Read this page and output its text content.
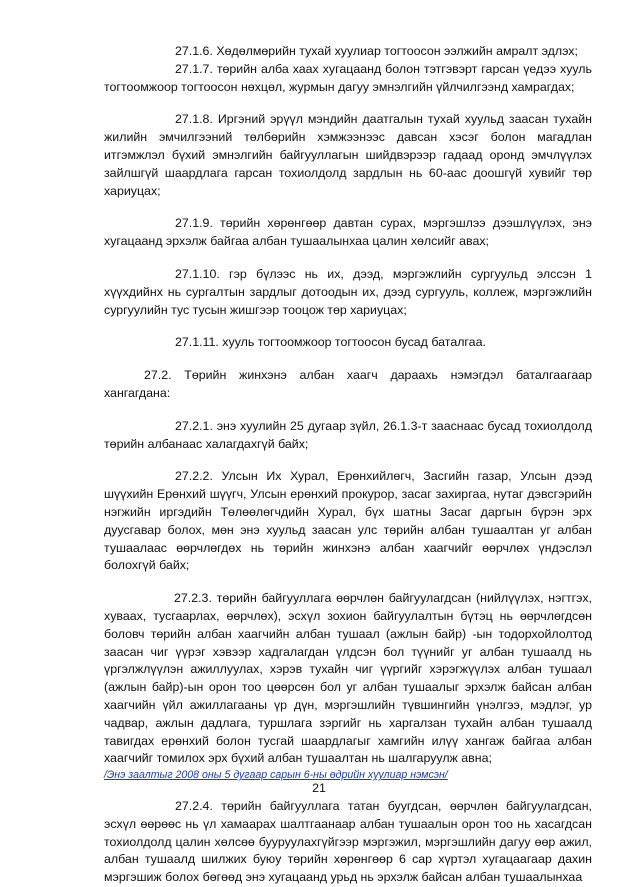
27.1.6. Хөдөлмөрийн тухай хуулиар тогтоосон ээлжийн амралт эдлэх;

27.1.7. төрийн алба хаах хугацаанд болон тэтгэвэрт гарсан үедээ хууль тогтоомжоор тогтоосон нөхцөл, журмын дагуу эмнэлгийн үйлчилгээнд хамрагдах;

27.1.8. Иргэний эрүүл мэндийн даатгалын тухай хуульд заасан тухайн жилийн эмчилгээний төлбөрийн хэмжээнээс давсан хэсэг болон магадлан итгэмжлэл бүхий эмнэлгийн байгууллагын шийдвэрээр гадаад оронд эмчлүүлэх зайлшгүй шаардлага гарсан тохиолдолд зардлын нь 60-аас доошгүй хувийг төр хариуцах;

27.1.9. төрийн хөрөнгөөр давтан сурах, мэргэшлээ дээшлүүлэх, энэ хугацаанд эрхэлж байгаа албан тушаалынхаа цалин хөлсийг авах;

27.1.10. гэр бүлээс нь их, дээд, мэргэжлийн сургуульд элссэн 1 хүүхдийнх нь сургалтын зардлыг дотоодын их, дээд сургууль, коллеж, мэргэжлийн сургуулийн тус тусын жишгээр тооцож төр хариуцах;

27.1.11. хууль тогтоомжоор тогтоосон бусад баталгаа.

27.2. Төрийн жинхэнэ албан хаагч дараахь нэмэгдэл баталгаагаар хангагдана:

27.2.1. энэ хуулийн 25 дугаар зүйл, 26.1.3-т зааснаас бусад тохиолдолд төрийн албанаас халагдахгүй байх;

27.2.2. Улсын Их Хурал, Ерөнхийлөгч, Засгийн газар, Улсын дээд шүүхийн Ерөнхий шүүгч, Улсын ерөнхий прокурор, засаг захиргаа, нутаг дэвсгэрийн нэгжийн иргэдийн Төлөөлөгчдийн Хурал, бүх шатны Засаг даргын бүрэн эрх дуусгавар болох, мөн энэ хуульд заасан улс төрийн албан тушаалтан уг албан тушаалаас өөрчлөгдөх нь төрийн жинхэнэ албан хаагчийг өөрчлөх үндэслэл болохгүй байх;

27.2.3. төрийн байгууллага өөрчлөн байгуулагдсан (нийлүүлэх, нэгтгэх, хуваах, тусгаарлах, өөрчлөх), эсхүл зохион байгуулалтын бүтэц нь өөрчлөгдсөн боловч төрийн албан хаагчийн албан тушаал (ажлын байр) -ын тодорхойлолтод заасан чиг үүрэг хэвээр хадгалагдан үлдсэн бол түүнийг уг албан тушаалд нь үргэлжлүүлэн ажиллуулах, хэрэв тухайн чиг үүргийг хэрэгжүүлэх албан тушаал (ажлын байр)-ын орон тоо цөөрсөн бол уг албан тушаалыг эрхэлж байсан албан хаагчийн үйл ажиллагааны үр дүн, мэргэшлийн түвшингийн үнэлгээ, мэдлэг, ур чадвар, ажлын дадлага, туршлага зэргийг нь харгалзан тухайн албан тушаалд тавигдах ерөнхий болон тусгай шаардлагыг хамгийн илүү хангаж байгаа албан хаагчийг томилох эрх бүхий албан тушаалтан нь шалгаруулж авна;

/Энэ заалтыг 2008 оны 5 дугаар сарын 6-ны өдрийн хуулиар нэмсэн/

27.2.4. төрийн байгууллага татан буугдсан, өөрчлөн байгуулагдсан, эсхүл өөрөөс нь үл хамаарах шалтгаанаар албан тушаалын орон тоо нь хасагдсан тохиолдолд цалин хөлсөө бууруулахгүйгээр мэргэжил, мэргэшлийн дагуу өөр ажил, албан тушаалд шилжих буюу төрийн хөрөнгөөр 6 сар хүртэл хугацаагаар дахин мэргэшиж болох бөгөөд энэ хугацаанд урьд нь эрхэлж байсан албан тушаалынхаа

21
